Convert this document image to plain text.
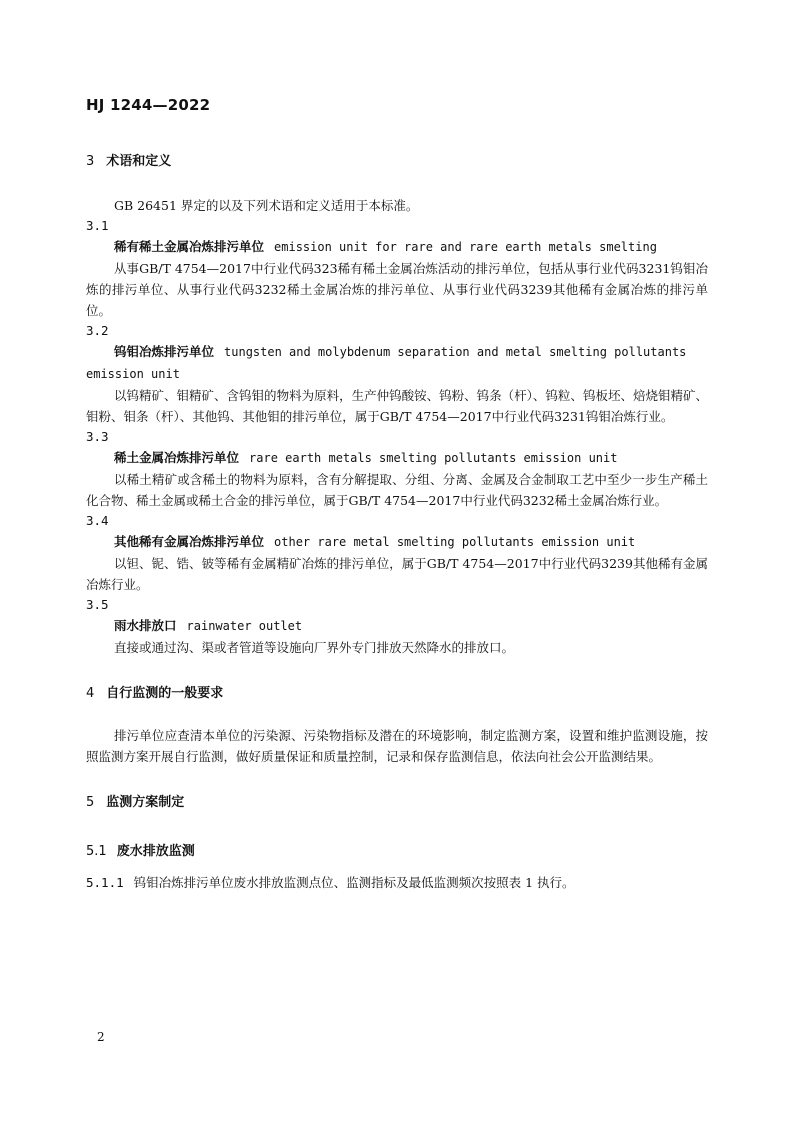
HJ 1244—2022

3 术语和定义

GB 26451 界定的以及下列术语和定义适用于本标准。

3.1

稀有稀土金属冶炼排污单位 emission unit for rare and rare earth metals smelting

从事GB/T 4754—2017中行业代码323稀有稀土金属冶炼活动的排污单位，包括从事行业代码3231钨钼冶炼的排污单位、从事行业代码3232稀土金属冶炼的排污单位、从事行业代码3239其他稀有金属冶炼的排污单位。

3.2

钨钼冶炼排污单位 tungsten and molybdenum separation and metal smelting pollutants emission unit

以钨精矿、钼精矿、含钨钼的物料为原料，生产仲钨酸铵、钨粉、钨条（杆）、钨粒、钨板坯、焙烧钼精矿、钼粉、钼条（杆）、其他钨、其他钼的排污单位，属于GB/T 4754—2017中行业代码3231钨钼冶炼行业。

3.3

稀土金属冶炼排污单位 rare earth metals smelting pollutants emission unit

以稀土精矿或含稀土的物料为原料，含有分解提取、分组、分离、金属及合金制取工艺中至少一步生产稀土化合物、稀土金属或稀土合金的排污单位，属于GB/T 4754—2017中行业代码3232稀土金属冶炼行业。

3.4

其他稀有金属冶炼排污单位 other rare metal smelting pollutants emission unit

以钽、铌、锆、铍等稀有金属精矿冶炼的排污单位，属于GB/T 4754—2017中行业代码3239其他稀有金属冶炼行业。

3.5

雨水排放口 rainwater outlet

直接或通过沟、渠或者管道等设施向厂界外专门排放天然降水的排放口。

4 自行监测的一般要求

排污单位应查清本单位的污染源、污染物指标及潜在的环境影响，制定监测方案，设置和维护监测设施，按照监测方案开展自行监测，做好质量保证和质量控制，记录和保存监测信息，依法向社会公开监测结果。

5 监测方案制定

5.1 废水排放监测

5.1.1 钨钼冶炼排污单位废水排放监测点位、监测指标及最低监测频次按照表 1 执行。

2
